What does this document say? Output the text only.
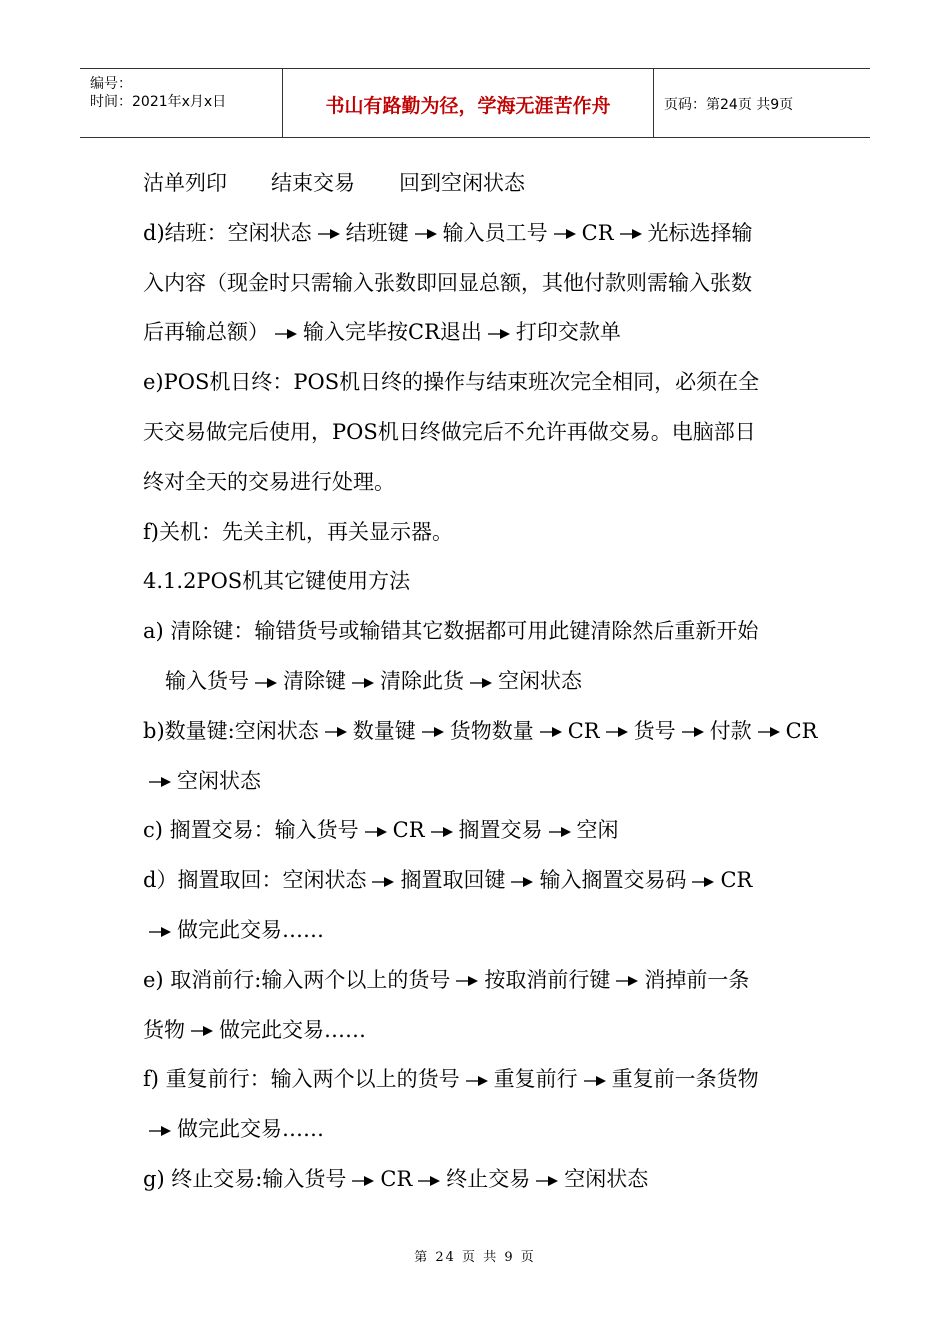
编号：
时间：2021年x月x日	书山有路勤为径，学海无涯苦作舟	页码：第24页 共9页
沽单列印 结束交易 回到空闲状态
d)结班：空闲状态 结班键 输入员工号 CR 光标选择输
入内容（现金时只需输入张数即回显总额，其他付款则需输入张数
后再输总额） 输入完毕按CR退出 打印交款单
e)POS机日终：POS机日终的操作与结束班次完全相同，必须在全
天交易做完后使用，POS机日终做完后不允许再做交易。电脑部日
终对全天的交易进行处理。
f)关机：先关主机，再关显示器。
4.1.2POS机其它键使用方法
a) 清除键：输错货号或输错其它数据都可用此键清除然后重新开始
输入货号 清除键 清除此货 空闲状态
b)数量键:空闲状态 数量键 货物数量 CR 货号 付款 CR
空闲状态
c) 搁置交易：输入货号 CR 搁置交易 空闲
d）搁置取回：空闲状态 搁置取回键 输入搁置交易码 CR
做完此交易……
e) 取消前行:输入两个以上的货号 按取消前行键 消掉前一条
货物 做完此交易……
f) 重复前行：输入两个以上的货号 重复前行 重复前一条货物
做完此交易……
g) 终止交易:输入货号 CR 终止交易 空闲状态
第 24 页 共 9 页
